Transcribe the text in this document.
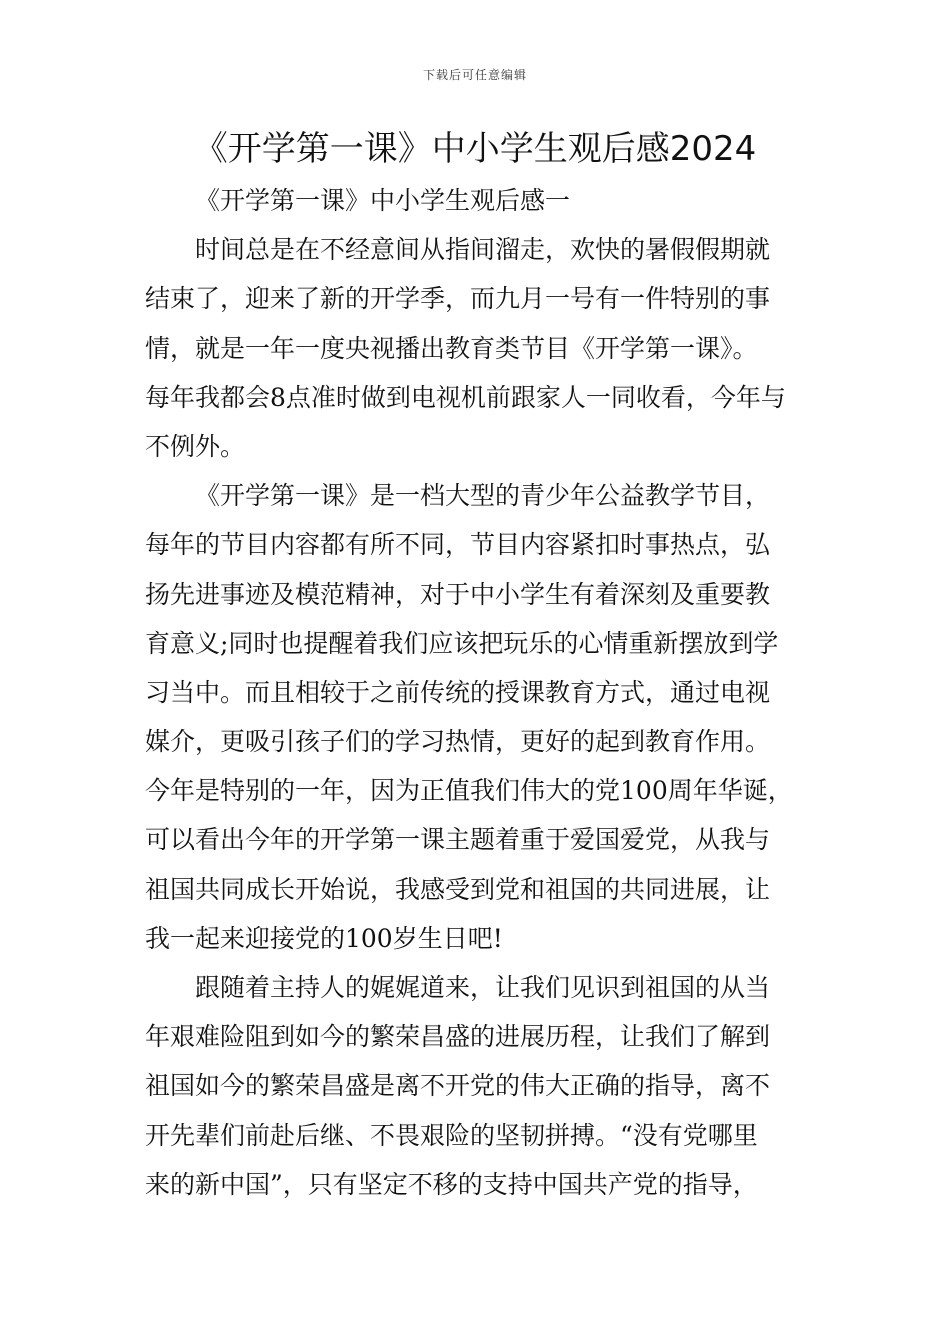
下载后可任意编辑
《开学第一课》中小学生观后感2024

《开学第一课》中小学生观后感一

时间总是在不经意间从指间溜走，欢快的暑假假期就
结束了，迎来了新的开学季，而九月一号有一件特别的事
情，就是一年一度央视播出教育类节目《开学第一课》。
每年我都会8点准时做到电视机前跟家人一同收看，今年与
不例外。
《开学第一课》是一档大型的青少年公益教学节目，
每年的节目内容都有所不同，节目内容紧扣时事热点，弘
扬先进事迹及模范精神，对于中小学生有着深刻及重要教
育意义;同时也提醒着我们应该把玩乐的心情重新摆放到学
习当中。而且相较于之前传统的授课教育方式，通过电视
媒介，更吸引孩子们的学习热情，更好的起到教育作用。
今年是特别的一年，因为正值我们伟大的党100周年华诞，
可以看出今年的开学第一课主题着重于爱国爱党，从我与
祖国共同成长开始说，我感受到党和祖国的共同进展，让
我一起来迎接党的100岁生日吧!
跟随着主持人的娓娓道来，让我们见识到祖国的从当
年艰难险阻到如今的繁荣昌盛的进展历程，让我们了解到
祖国如今的繁荣昌盛是离不开党的伟大正确的指导，离不
开先辈们前赴后继、不畏艰险的坚韧拼搏。“没有党哪里
来的新中国”，只有坚定不移的支持中国共产党的指导，
